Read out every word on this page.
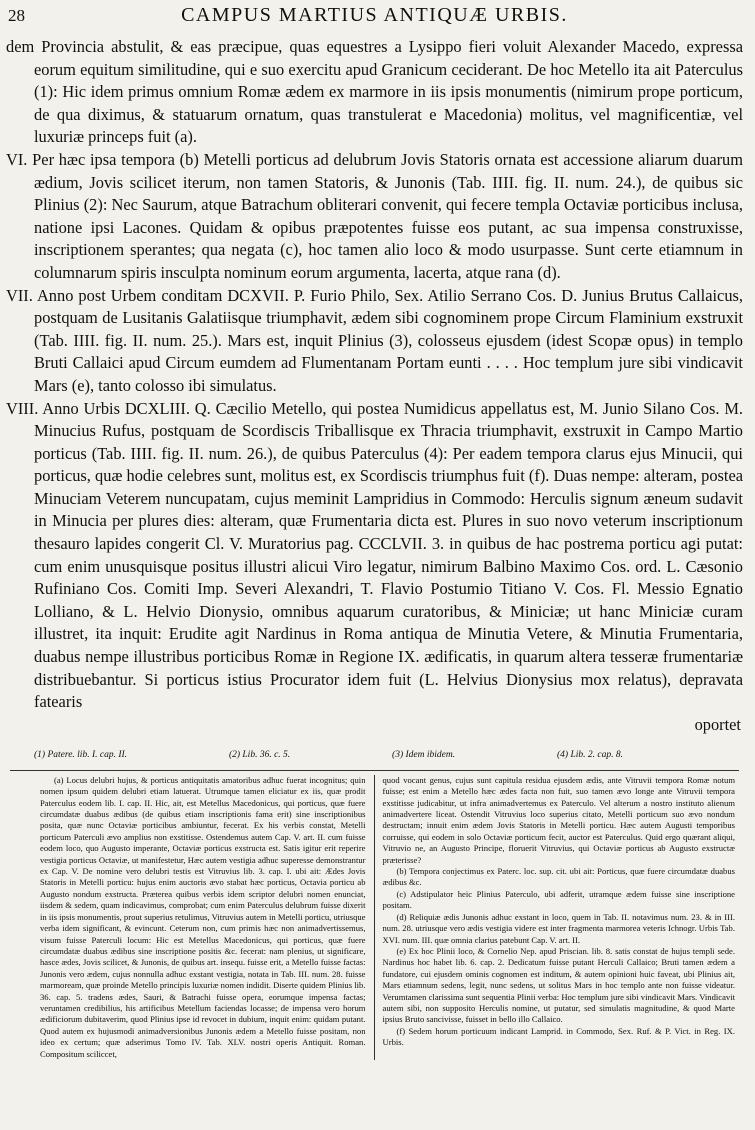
28	CAMPUS MARTIUS ANTIQUÆ URBIS.

dem Provincia abstulit, & eas præcipue, quas equestres a Lysippo fieri voluit Alexander Macedo, expressa eorum equitum similitudine, qui e suo exercitu apud Granicum ceciderant. De hoc Metello ita ait Paterculus (1): Hic idem primus omnium Romæ ædem ex marmore in iis ipsis monumentis (nimirum prope porticum, de qua diximus, & statuarum ornatum, quas transtulerat e Macedonia) molitus, vel magnificentiæ, vel luxuriæ princeps fuit (a).

VI. Per hæc ipsa tempora (b) Metelli porticus ad delubrum Jovis Statoris ornata est accessione aliarum duarum ædium, Jovis scilicet iterum, non tamen Statoris, & Junonis (Tab. IIII. fig. II. num. 24.), de quibus sic Plinius (2): Nec Saurum, atque Batrachum obliterari convenit, qui fecere templa Octaviæ porticibus inclusa, natione ipsi Lacones. Quidam & opibus præpotentes fuisse eos putant, ac sua impensa construxisse, inscriptionem sperantes; qua negata (c), hoc tamen alio loco & modo usurpasse. Sunt certe etiamnum in columnarum spiris insculpta nominum eorum argumenta, lacerta, atque rana (d).

VII. Anno post Urbem conditam DCXVII. P. Furio Philo, Sex. Atilio Serrano Cos. D. Junius Brutus Callaicus, postquam de Lusitanis Galatiisque triumphavit, ædem sibi cognominem prope Circum Flaminium exstruxit (Tab. IIII. fig. II. num. 25.). Mars est, inquit Plinius (3), colosseus ejusdem (idest Scopæ opus) in templo Bruti Callaici apud Circum eumdem ad Flumentanam Portam eunti . . . . Hoc templum jure sibi vindicavit Mars (e), tanto colosso ibi simulatus.

VIII. Anno Urbis DCXLIII. Q. Cæcilio Metello, qui postea Numidicus appellatus est, M. Junio Silano Cos. M. Minucius Rufus, postquam de Scordiscis Triballisque ex Thracia triumphavit, exstruxit in Campo Martio porticus (Tab. IIII. fig. II. num. 26.), de quibus Paterculus (4): Per eadem tempora clarus ejus Minucii, qui porticus, quæ hodie celebres sunt, molitus est, ex Scordiscis triumphus fuit (f). Duas nempe: alteram, postea Minuciam Veterem nuncupatam, cujus meminit Lampridius in Commodo: Herculis signum æneum sudavit in Minucia per plures dies: alteram, quæ Frumentaria dicta est. Plures in suo novo veterum inscriptionum thesauro lapides congerit Cl. V. Muratorius pag. CCCLVII. 3. in quibus de hac postrema porticu agi putat: cum enim unusquisque positus illustri alicui Viro legatur, nimirum Balbino Maximo Cos. ord. L. Cæsonio Rufiniano Cos. Comiti Imp. Severi Alexandri, T. Flavio Postumio Titiano V. Cos. Fl. Messio Egnatio Lolliano, & L. Helvio Dionysio, omnibus aquarum curatoribus, & Miniciæ; ut hanc Miniciæ curam illustret, ita inquit: Erudite agit Nardinus in Roma antiqua de Minutia Vetere, & Minutia Frumentaria, duabus nempe illustribus porticibus Romæ in Regione IX. ædificatis, in quarum altera tesseræ frumentariæ distribuebantur. Si porticus istius Procurator idem fuit (L. Helvius Dionysius mox relatus), depravata fatearis

oportet
(1) Patere. lib. I. cap. II.	(2) Lib. 36. c. 5.	(3) Idem ibidem.	(4) Lib. 2. cap. 8.

(a) Locus delubri hujus, & porticus antiquitatis amatoribus adhuc fuerat incognitus; quin nomen ipsum quidem delubri etiam latuerat. Utrumque tamen eliciatur ex iis, quæ prodit Paterculus eodem lib. I. cap. II. Hic, ait, est Metellus Macedonicus, qui porticus, quæ fuere circumdatæ duabus ædibus (de quibus etiam inscriptionis fama erit) sine inscriptionibus posita, quæ nunc Octaviæ porticibus ambiuntur, fecerat. Ex his verbis constat, Metelli porticum Paterculi ævo amplius non exstitisse. Ostendemus autem Cap. V. art. II. cum fuisse eodem loco, quo Augusto imperante, Octaviæ porticus exstructa est. Satis igitur erit reperire vestigia porticus Octaviæ, ut manifestetur, Hæc autem vestigia adhuc superesse demonstrantur ex Cap. V. De nomine vero delubri testis est Vitruvius lib. 3. cap. I. ubi ait: Ædes Jovis Statoris in Metelli porticu: hujus enim auctoris ævo stabat hæc porticus, Octavia porticu ab Augusto nondum exstructa. Præterea quibus verbis idem scriptor delubri nomen enunciat, iisdem & sedem, quam indicavimus, comprobat; cum enim Paterculus delubrum fuisse dixerit in iis ipsis monumentis, prout superius retulimus, Vitruvius autem in Metelli porticu, utriusque verba idem significant, & evincunt. Ceterum non, cum primis hæc non animadvertissemus, visum fuisse Paterculi locum: Hic est Metellus Macedonicus, qui porticus, quæ fuere circumdatæ duabus ædibus sine inscriptione positis &c. fecerat: nam plenius, ut significare, hasce ædes, Jovis scilicet, & Junonis, de quibus art. insequ. fuisse erit, a Metello fuisse factas: Junonis vero ædem, cujus nonnulla adhuc exstant vestigia, notata in Tab. III. num. 28. fuisse marmoream, quæ proinde Metello principis luxuriæ nomen indidit. Diserte quidem Plinius lib. 36. cap. 5. tradens ædes, Sauri, & Batrachi fuisse opera, eorumque impensa factas; veruntamen credibilius, his artificibus Metellum faciendas locasse; de impensa vero horum ædificiorum dubitaverim, quod Plinius ipse id revocet in dubium, inquit enim: quidam putant. Quod autem ex hujusmodi animadversionibus Junonis ædem a Metello fuisse positam, non ideo ex certum; quæ adserimus Tomo IV. Tab. XLV. nostri operis Antiquit. Roman. Compositum sciliccet,

quod vocant genus, cujus sunt capitula residua ejusdem ædis, ante Vitruvii tempora Romæ notum fuisse; est enim a Metello hæc ædes facta non fuit, suo tamen ævo longe ante Vitruvii tempora exstitisse judicabitur, ut infra animadvertemus ex Paterculo. Vel alterum a nostro instituto alienum animadvertere liceat. Ostendit Vitruvius loco superius citato, Metelli porticum suo ævo nondum destructam; innuit enim ædem Jovis Statoris in Metelli porticu. Hæc autem Augusti temporibus corruisse, qui eodem in solo Octaviæ porticum fecit, auctor est Paterculus. Quid ergo quærant aliqui, Vitruvio ne, an Augusto Principe, floruerit Vitruvius, qui Octaviæ porticus ab Augusto exstructæ præterisse?

(b) Tempora conjectimus ex Paterc. loc. sup. cit. ubi ait: Porticus, quæ fuere circumdatæ duabus ædibus &c.

(c) Adstipulator heic Plinius Paterculo, ubi adferit, utramque ædem fuisse sine inscriptione positam.

(d) Reliquiæ ædis Junonis adhuc exstant in loco, quem in Tab. II. notavimus num. 23. & in III. num. 28. utriusque vero ædis vestigia videre est inter fragmenta marmorea veteris Ichnogr. Urbis Tab. XVI. num. III. quæ omnia clarius patebunt Cap. V. art. II.

(e) Ex hoc Plinii loco, & Cornelio Nep. apud Priscian. lib. 8. satis constat de hujus templi sede. Nardinus hoc habet lib. 6. cap. 2. Dedicatum fuisse putant Herculi Callaico; Bruti tamen ædem a fundatore, cui ejusdem ominis cognomen est inditum, & autem opinioni huic faveat, ubi Plinius ait, Mars etiamnum sedens, legit, nunc sedens, ut solitus Mars in hoc templo ante non fuisse videatur. Verumtamen clarissima sunt sequentia Plinii verba: Hoc templum jure sibi vindicavit Mars. Vindicavit autem sibi, non supposito Herculis nomine, ut putatur, sed simulatis magnitudine, & quod Marte ipsius Bruto sancivisse, fuisset in bello illo Callaico.

(f) Sedem horum porticuum indicant Lamprid. in Commodo, Sex. Ruf. & P. Vict. in Reg. IX. Urbis.
